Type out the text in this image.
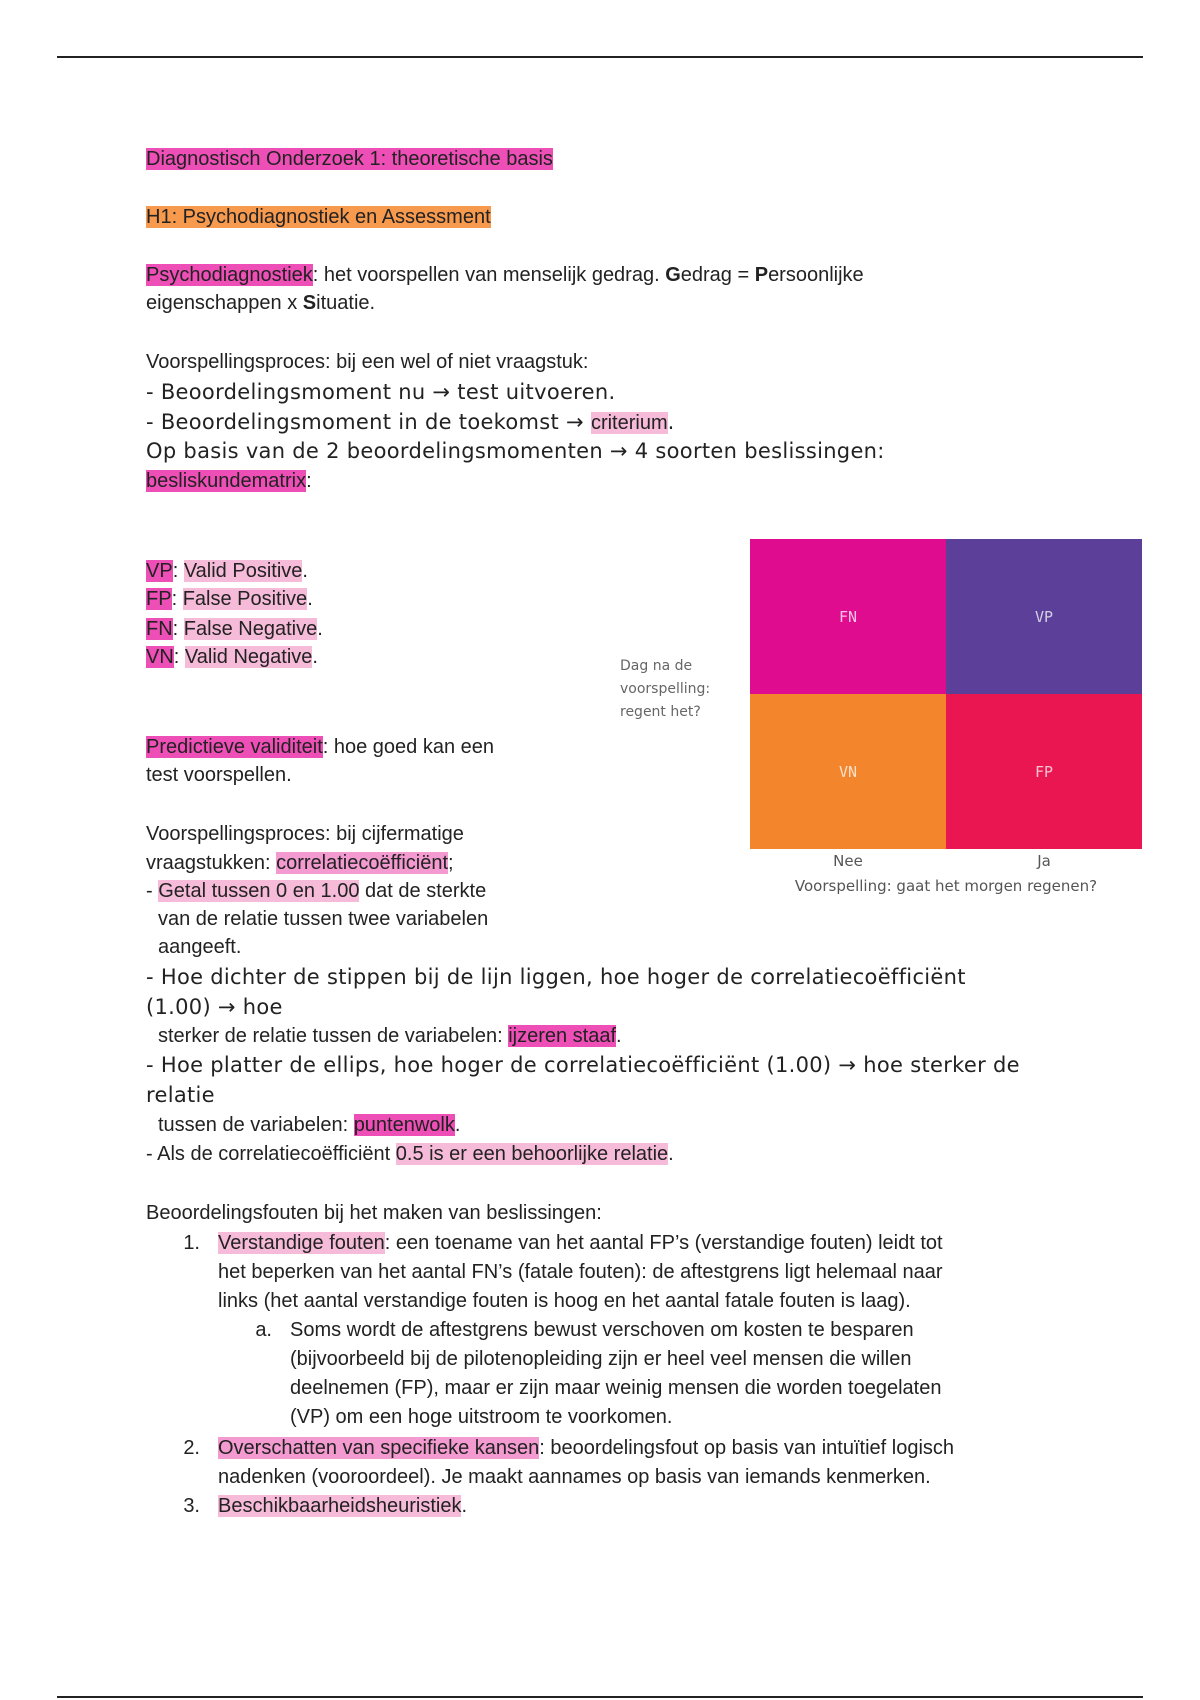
Diagnostisch Onderzoek 1: theoretische basis
H1: Psychodiagnostiek en Assessment
Psychodiagnostiek: het voorspellen van menselijk gedrag. Gedrag = Persoonlijke
eigenschappen x Situatie.
Voorspellingsproces: bij een wel of niet vraagstuk:
- Beoordelingsmoment nu → test uitvoeren.
- Beoordelingsmoment in de toekomst → criterium.
Op basis van de 2 beoordelingsmomenten → 4 soorten beslissingen:
besliskundematrix:
VP: Valid Positive.
FP: False Positive.
FN: False Negative.
VN: Valid Negative.
Predictieve validiteit: hoe goed kan een
test voorspellen.
Voorspellingsproces: bij cijfermatige
vraagstukken: correlatiecoëfficiënt;
- Getal tussen 0 en 1.00 dat de sterkte
van de relatie tussen twee variabelen
aangeeft.
- Hoe dichter de stippen bij de lijn liggen, hoe hoger de correlatiecoëfficiënt
(1.00) → hoe
sterker de relatie tussen de variabelen: ijzeren staaf.
- Hoe platter de ellips, hoe hoger de correlatiecoëfficiënt (1.00) → hoe sterker de
relatie
tussen de variabelen: puntenwolk.
- Als de correlatiecoëfficiënt 0.5 is er een behoorlijke relatie.
Beoordelingsfouten bij het maken van beslissingen:
1. Verstandige fouten: een toename van het aantal FP’s (verstandige fouten) leidt tot
het beperken van het aantal FN’s (fatale fouten): de aftestgrens ligt helemaal naar
links (het aantal verstandige fouten is hoog en het aantal fatale fouten is laag).
a. Soms wordt de aftestgrens bewust verschoven om kosten te besparen
(bijvoorbeeld bij de pilotenopleiding zijn er heel veel mensen die willen
deelnemen (FP), maar er zijn maar weinig mensen die worden toegelaten
(VP) om een hoge uitstroom te voorkomen.
2. Overschatten van specifieke kansen: beoordelingsfout op basis van intuïtief logisch
nadenken (vooroordeel). Je maakt aannames op basis van iemands kenmerken.
3. Beschikbaarheidsheuristiek.
Dag na de
voorspelling:
regent het?
FN	VP
VN	FP
Nee	Ja
Voorspelling: gaat het morgen regenen?
